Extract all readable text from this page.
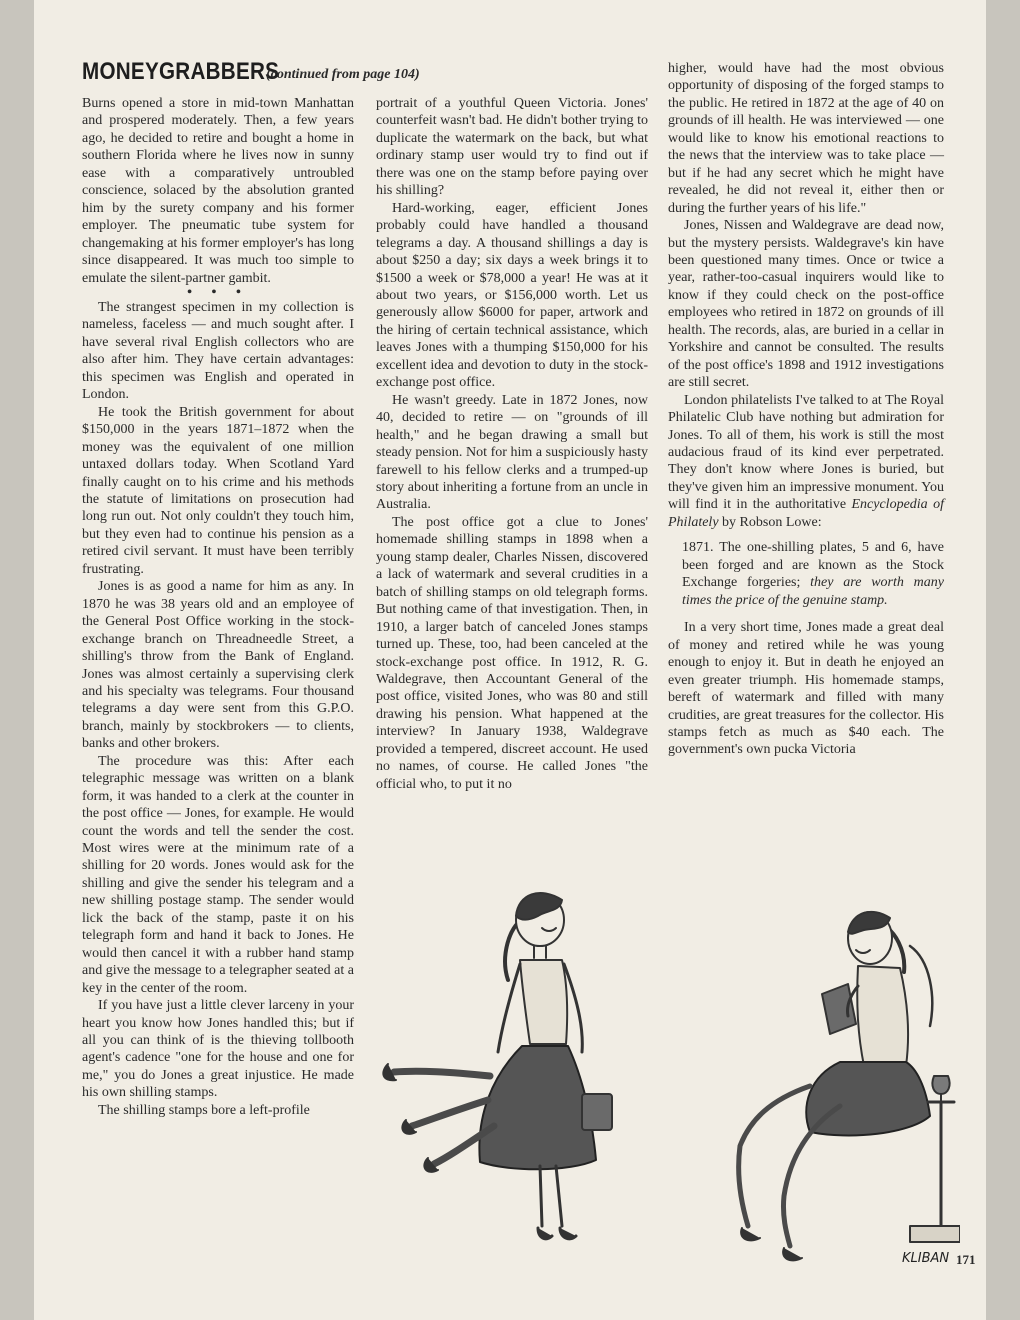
MONEYGRABBERS
(continued from page 104)

Burns opened a store in mid-town Manhattan and prospered moderately. Then, a few years ago, he decided to retire and bought a home in southern Florida where he lives now in sunny ease with a comparatively untroubled conscience, solaced by the absolution granted him by the surety company and his former employer. The pneumatic tube system for changemaking at his former employer's has long since disappeared. It was much too simple to emulate the silent-partner gambit.

• • •

The strangest specimen in my collection is nameless, faceless — and much sought after. I have several rival English collectors who are also after him. They have certain advantages: this specimen was English and operated in London.

He took the British government for about $150,000 in the years 1871–1872 when the money was the equivalent of one million untaxed dollars today. When Scotland Yard finally caught on to his crime and his methods the statute of limitations on prosecution had long run out. Not only couldn't they touch him, but they even had to continue his pension as a retired civil servant. It must have been terribly frustrating.

Jones is as good a name for him as any. In 1870 he was 38 years old and an employee of the General Post Office working in the stock-exchange branch on Threadneedle Street, a shilling's throw from the Bank of England. Jones was almost certainly a supervising clerk and his specialty was telegrams. Four thousand telegrams a day were sent from this G.P.O. branch, mainly by stockbrokers — to clients, banks and other brokers.

The procedure was this: After each telegraphic message was written on a blank form, it was handed to a clerk at the counter in the post office — Jones, for example. He would count the words and tell the sender the cost. Most wires were at the minimum rate of a shilling for 20 words. Jones would ask for the shilling and give the sender his telegram and a new shilling postage stamp. The sender would lick the back of the stamp, paste it on his telegraph form and hand it back to Jones. He would then cancel it with a rubber hand stamp and give the message to a telegrapher seated at a key in the center of the room.

If you have just a little clever larceny in your heart you know how Jones handled this; but if all you can think of is the thieving tollbooth agent's cadence "one for the house and one for me," you do Jones a great injustice. He made his own shilling stamps.

The shilling stamps bore a left-profile

portrait of a youthful Queen Victoria. Jones' counterfeit wasn't bad. He didn't bother trying to duplicate the watermark on the back, but what ordinary stamp user would try to find out if there was one on the stamp before paying over his shilling?

Hard-working, eager, efficient Jones probably could have handled a thousand telegrams a day. A thousand shillings a day is about $250 a day; six days a week brings it to $1500 a week or $78,000 a year! He was at it about two years, or $156,000 worth. Let us generously allow $6000 for paper, artwork and the hiring of certain technical assistance, which leaves Jones with a thumping $150,000 for his excellent idea and devotion to duty in the stock-exchange post office.

He wasn't greedy. Late in 1872 Jones, now 40, decided to retire — on "grounds of ill health," and he began drawing a small but steady pension. Not for him a suspiciously hasty farewell to his fellow clerks and a trumped-up story about inheriting a fortune from an uncle in Australia.

The post office got a clue to Jones' homemade shilling stamps in 1898 when a young stamp dealer, Charles Nissen, discovered a lack of watermark and several crudities in a batch of shilling stamps on old telegraph forms. But nothing came of that investigation. Then, in 1910, a larger batch of canceled Jones stamps turned up. These, too, had been canceled at the stock-exchange post office. In 1912, R. G. Waldegrave, then Accountant General of the post office, visited Jones, who was 80 and still drawing his pension. What happened at the interview? In January 1938, Waldegrave provided a tempered, discreet account. He used no names, of course. He called Jones "the official who, to put it no

higher, would have had the most obvious opportunity of disposing of the forged stamps to the public. He retired in 1872 at the age of 40 on grounds of ill health. He was interviewed — one would like to know his emotional reactions to the news that the interview was to take place — but if he had any secret which he might have revealed, he did not reveal it, either then or during the further years of his life."

Jones, Nissen and Waldegrave are dead now, but the mystery persists. Waldegrave's kin have been questioned many times. Once or twice a year, rather-too-casual inquirers would like to know if they could check on the post-office employees who retired in 1872 on grounds of ill health. The records, alas, are buried in a cellar in Yorkshire and cannot be consulted. The results of the post office's 1898 and 1912 investigations are still secret.

London philatelists I've talked to at The Royal Philatelic Club have nothing but admiration for Jones. To all of them, his work is still the most audacious fraud of its kind ever perpetrated. They don't know where Jones is buried, but they've given him an impressive monument. You will find it in the authoritative Encyclopedia of Philately by Robson Lowe:

1871. The one-shilling plates, 5 and 6, have been forged and are known as the Stock Exchange forgeries; they are worth many times the price of the genuine stamp.

In a very short time, Jones made a great deal of money and retired while he was young enough to enjoy it. But in death he enjoyed an even greater triumph. His homemade stamps, bereft of watermark and filled with many crudities, are great treasures for the collector. His stamps fetch as much as $40 each. The government's own pucka Victoria

KLIBAN 171
